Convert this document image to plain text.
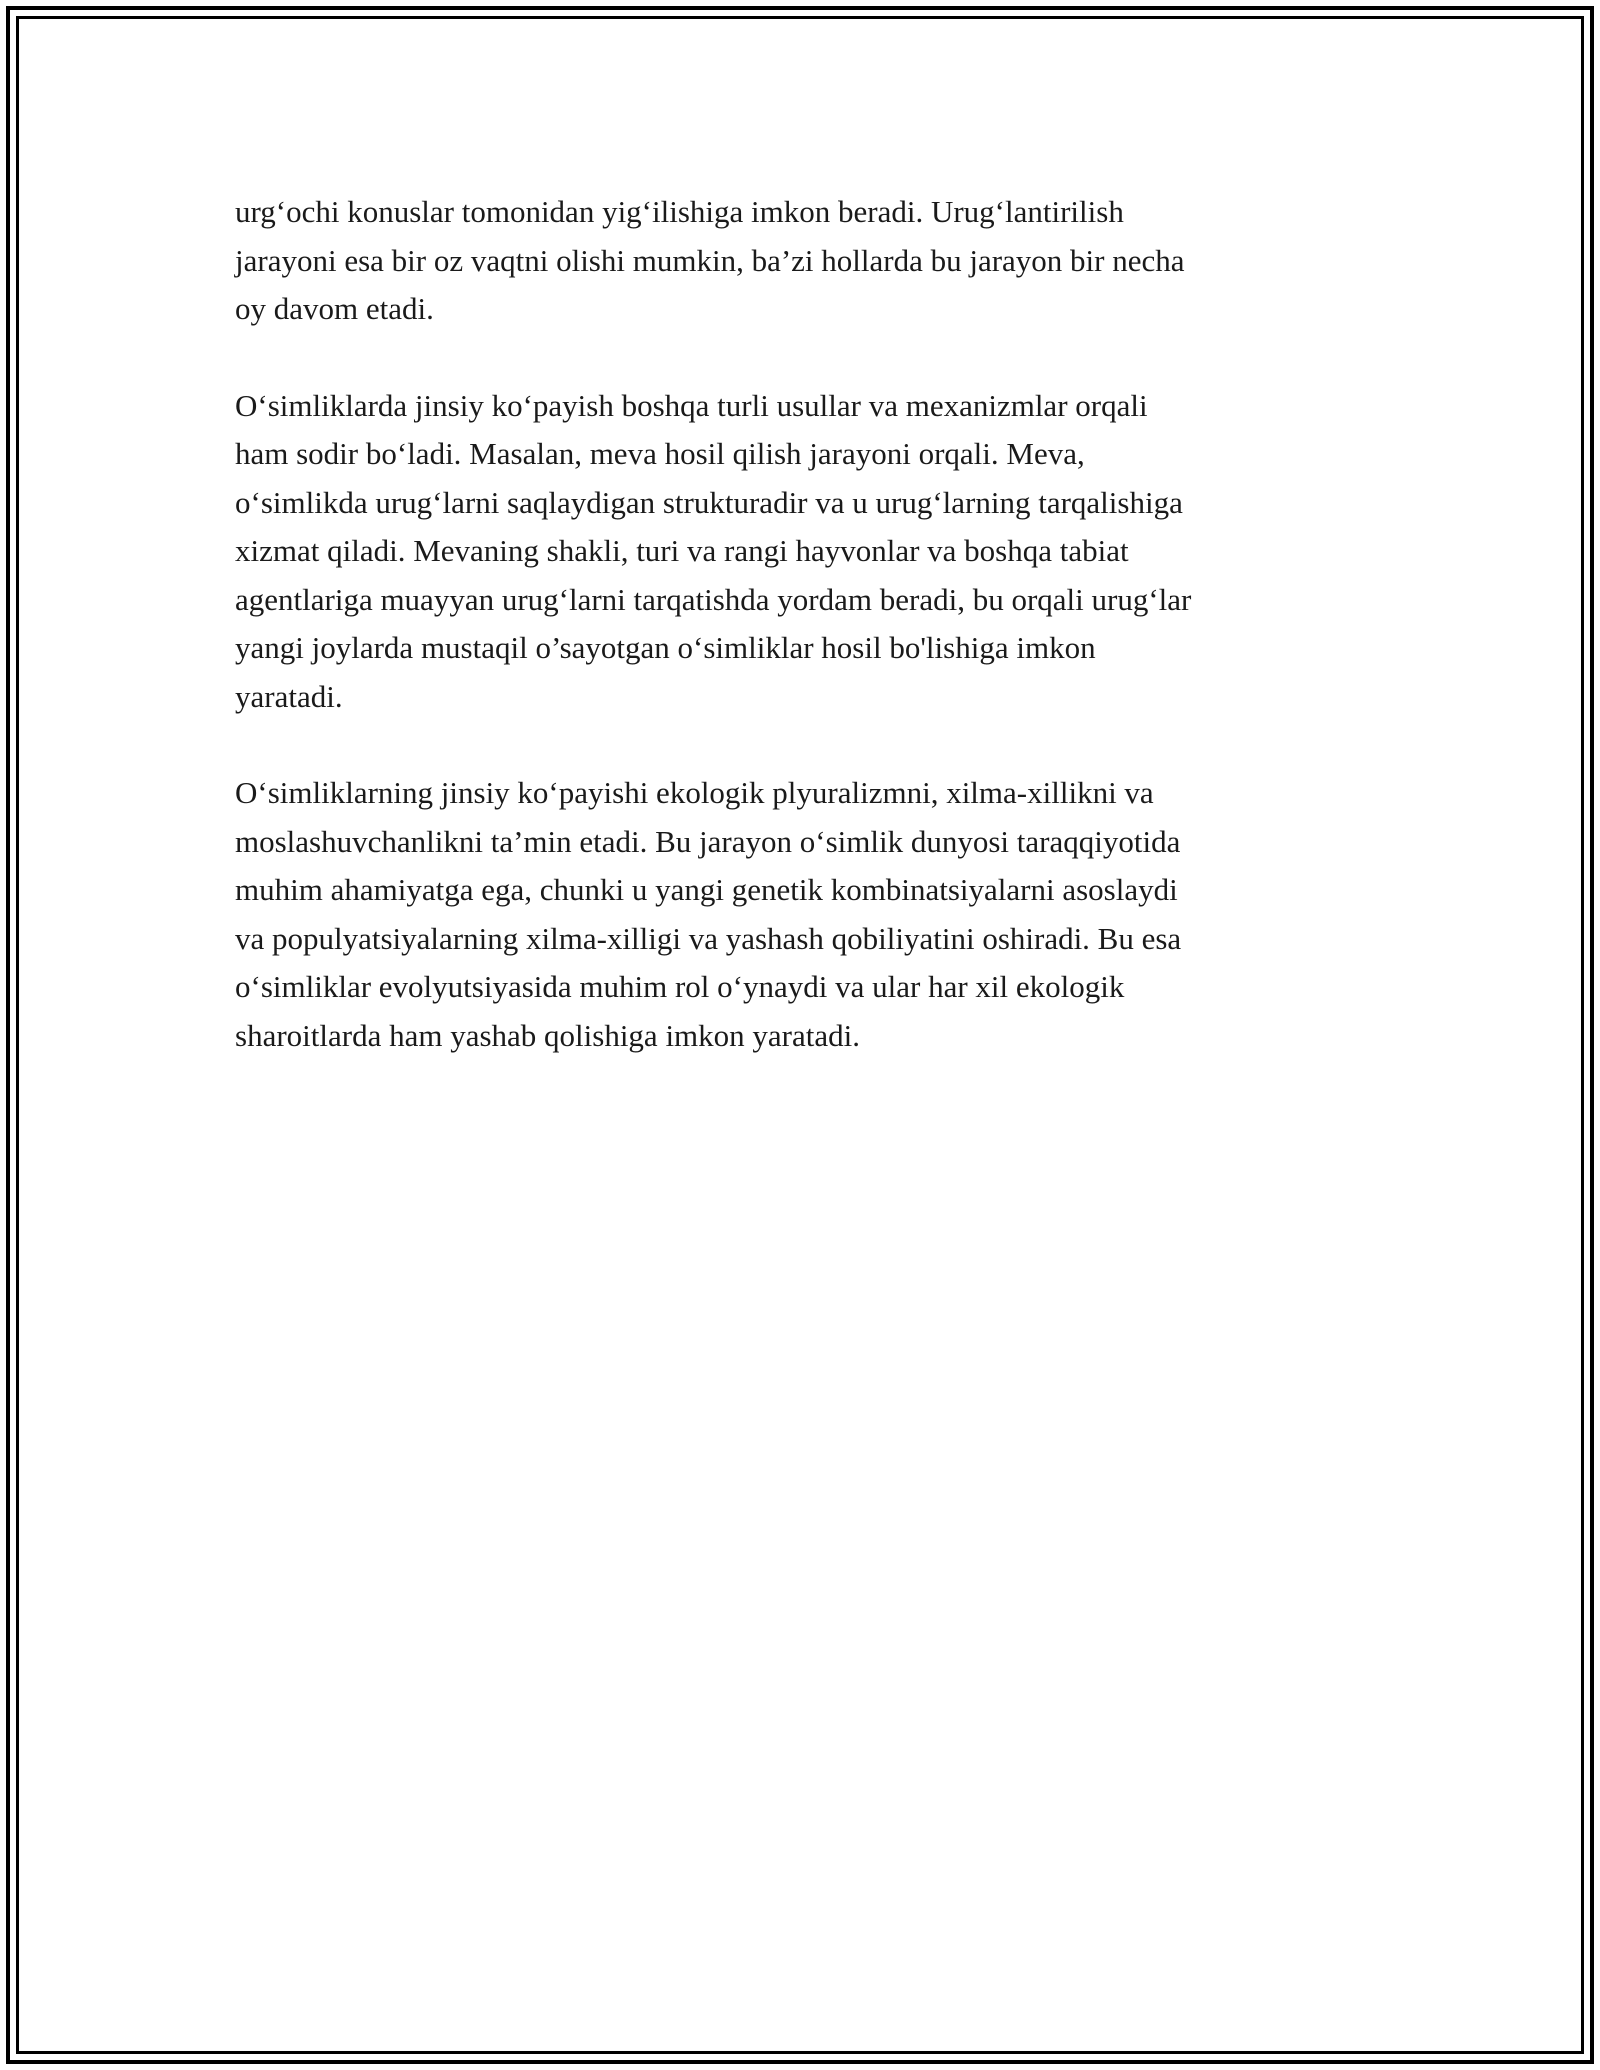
urg‘ochi konuslar tomonidan yig‘ilishiga imkon beradi. Urug‘lantirilish
jarayoni esa bir oz vaqtni olishi mumkin, ba’zi hollarda bu jarayon bir necha
oy davom etadi.

O‘simliklarda jinsiy ko‘payish boshqa turli usullar va mexanizmlar orqali
ham sodir bo‘ladi. Masalan, meva hosil qilish jarayoni orqali. Meva,
o‘simlikda urug‘larni saqlaydigan strukturadir va u urug‘larning tarqalishiga
xizmat qiladi. Mevaning shakli, turi va rangi hayvonlar va boshqa tabiat
agentlariga muayyan urug‘larni tarqatishda yordam beradi, bu orqali urug‘lar
yangi joylarda mustaqil o’sayotgan o‘simliklar hosil bo'lishiga imkon
yaratadi.

O‘simliklarning jinsiy ko‘payishi ekologik plyuralizmni, xilma-xillikni va
moslashuvchanlikni ta’min etadi. Bu jarayon o‘simlik dunyosi taraqqiyotida
muhim ahamiyatga ega, chunki u yangi genetik kombinatsiyalarni asoslaydi
va populyatsiyalarning xilma-xilligi va yashash qobiliyatini oshiradi. Bu esa
o‘simliklar evolyutsiyasida muhim rol o‘ynaydi va ular har xil ekologik
sharoitlarda ham yashab qolishiga imkon yaratadi.
